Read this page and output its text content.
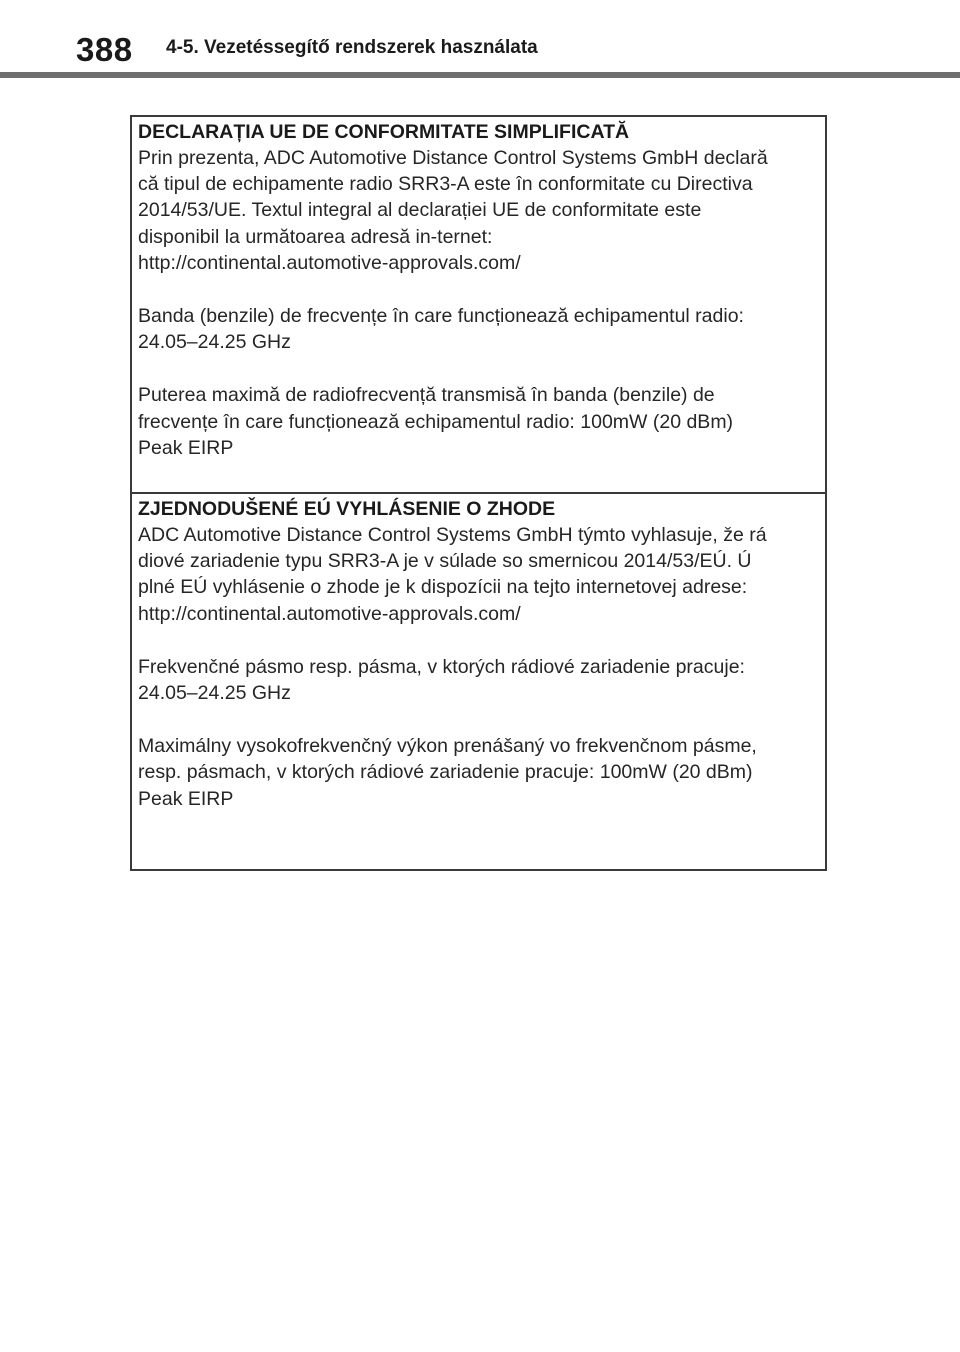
388 4-5. Vezetéssegítő rendszerek használata
DECLARAȚIA UE DE CONFORMITATE SIMPLIFICATĂ
Prin prezenta, ADC Automotive Distance Control Systems GmbH declară
că tipul de echipamente radio SRR3-A este în conformitate cu Directiva
2014/53/UE. Textul integral al declarației UE de conformitate este
disponibil la următoarea adresă in-ternet:
http://continental.automotive-approvals.com/
Banda (benzile) de frecvențe în care funcționează echipamentul radio:
24.05–24.25 GHz
Puterea maximă de radiofrecvență transmisă în banda (benzile) de
frecvențe în care funcționează echipamentul radio: 100mW (20 dBm)
Peak EIRP
ZJEDNODUŠENÉ EÚ VYHLÁSENIE O ZHODE
ADC Automotive Distance Control Systems GmbH týmto vyhlasuje, že rá
diové zariadenie typu SRR3-A je v súlade so smernicou 2014/53/EÚ. Ú
plné EÚ vyhlásenie o zhode je k dispozícii na tejto internetovej adrese:
http://continental.automotive-approvals.com/
Frekvenčné pásmo resp. pásma, v ktorých rádiové zariadenie pracuje:
24.05–24.25 GHz
Maximálny vysokofrekvenčný výkon prenášaný vo frekvenčnom pásme,
resp. pásmach, v ktorých rádiové zariadenie pracuje: 100mW (20 dBm)
Peak EIRP
